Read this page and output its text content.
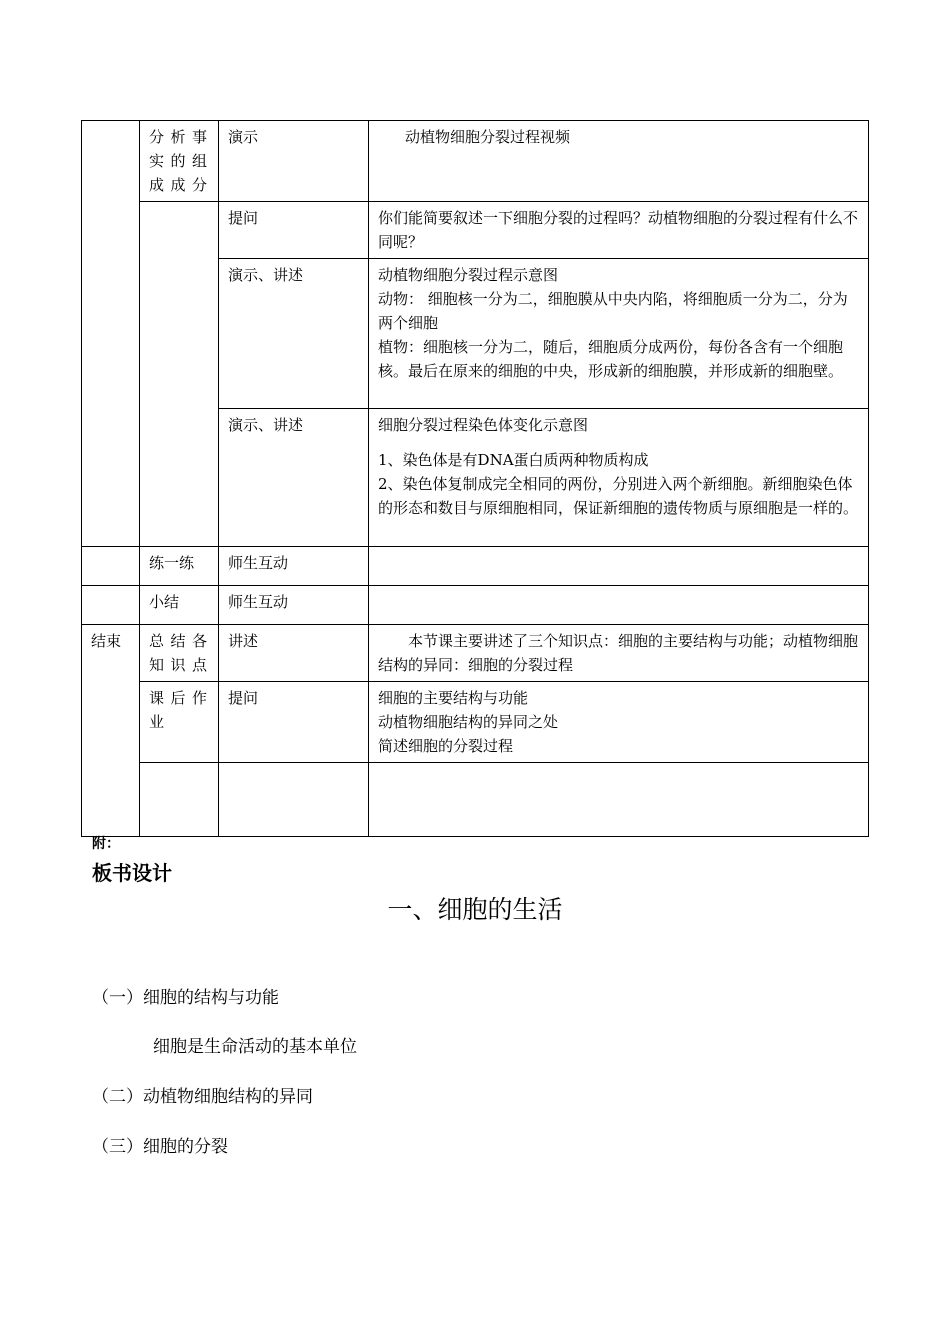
	分析事实的组成成分	演示	动植物细胞分裂过程视频
		提问	你们能简要叙述一下细胞分裂的过程吗？动植物细胞的分裂过程有什么不同呢？
		演示、讲述	动植物细胞分裂过程示意图
动物： 细胞核一分为二，细胞膜从中央内陷，将细胞质一分为二，分为两个细胞
植物：细胞核一分为二，随后，细胞质分成两份，每份各含有一个细胞核。最后在原来的细胞的中央，形成新的细胞膜，并形成新的细胞壁。

		演示、讲述	细胞分裂过程染色体变化示意图
1、染色体是有DNA蛋白质两种物质构成
2、染色体复制成完全相同的两份，分别进入两个新细胞。新细胞染色体的形态和数目与原细胞相同，保证新细胞的遗传物质与原细胞是一样的。

	练一练	师生互动	
	小结	师生互动	
结束	总结各知识点	讲述	本节课主要讲述了三个知识点：细胞的主要结构与功能；动植物细胞结构的异同：细胞的分裂过程

	课后作业	提问	细胞的主要结构与功能
动植物细胞结构的异同之处
简述细胞的分裂过程

附：
板书设计
一、细胞的生活
（一）细胞的结构与功能
细胞是生命活动的基本单位
（二）动植物细胞结构的异同
（三）细胞的分裂
